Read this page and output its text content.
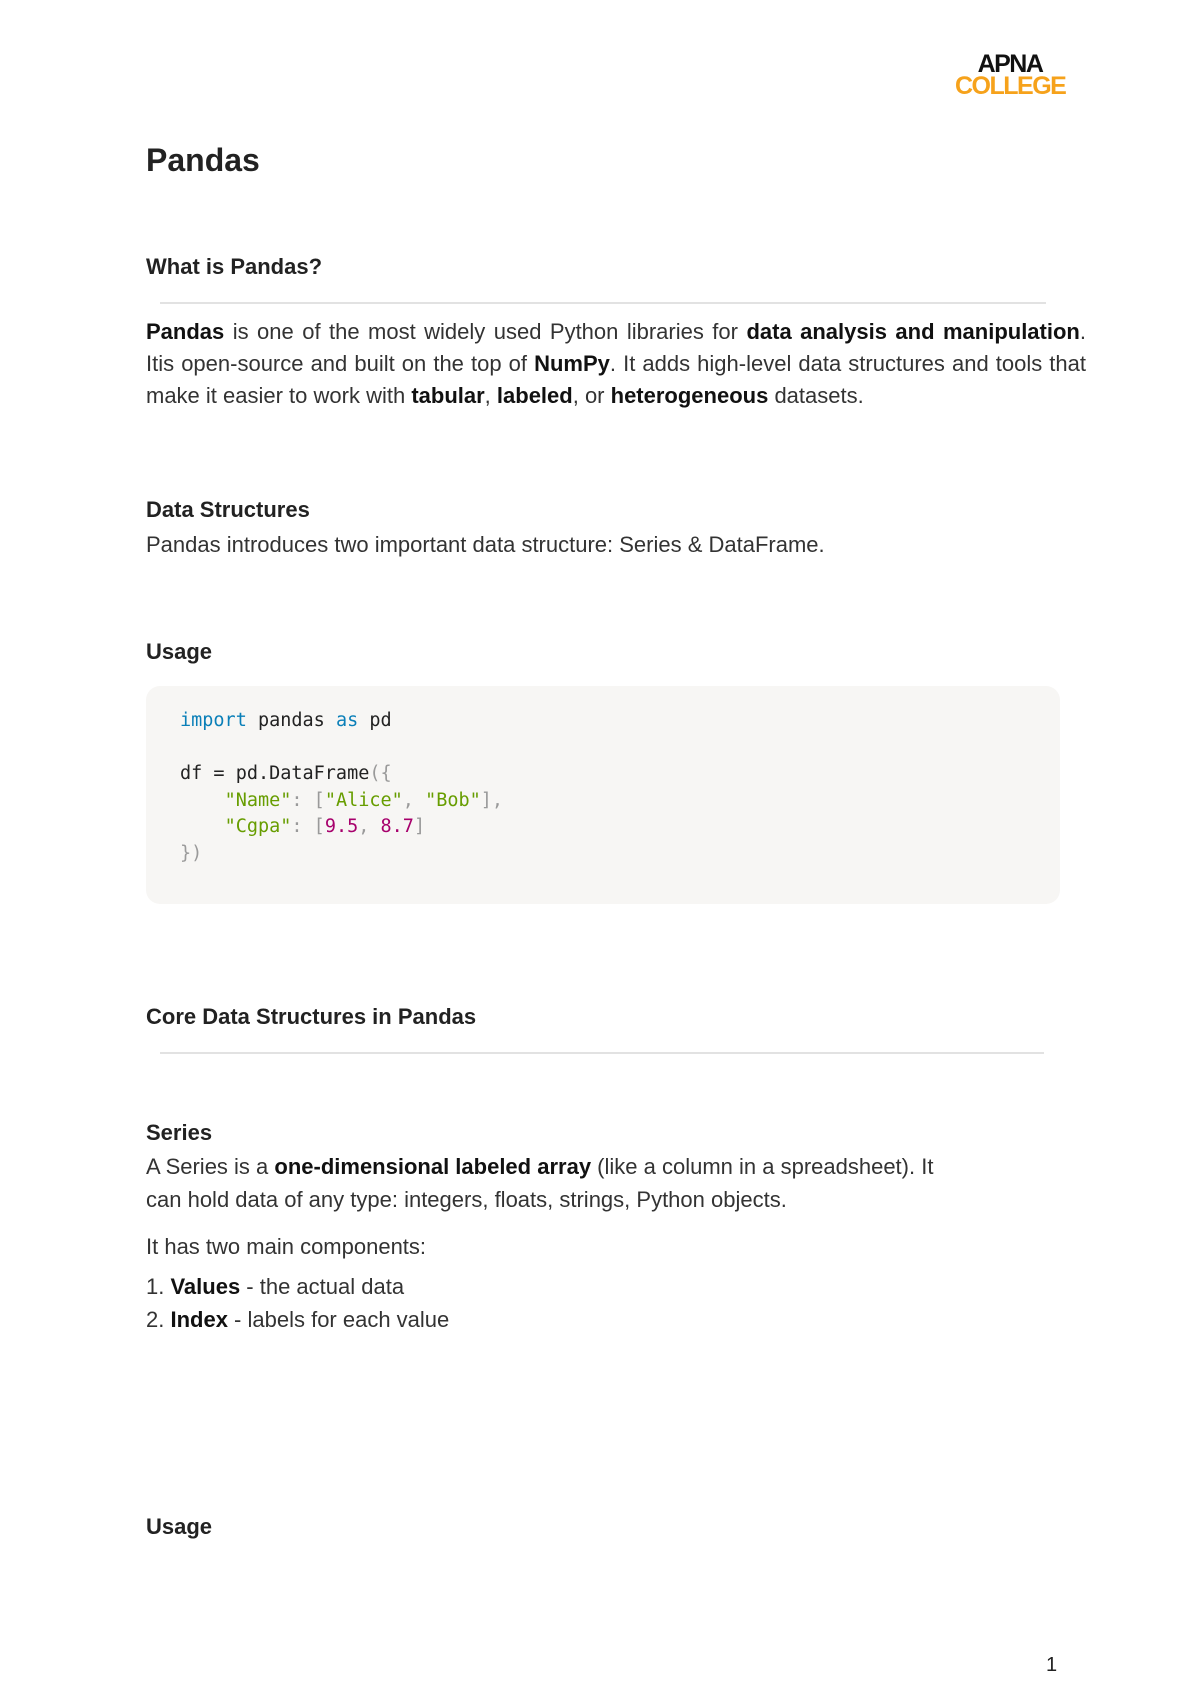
APNA
COLLEGE
Pandas
What is Pandas?
Pandas is one of the most widely used Python libraries for data analysis and manipulation. Itis open-source and built on the top of NumPy. It adds high-level data structures and tools that make it easier to work with tabular, labeled, or heterogeneous datasets.
Data Structures
Pandas introduces two important data structure: Series & DataFrame.
Usage
import pandas as pd

df = pd.DataFrame({
"Name": ["Alice", "Bob"],
"Cgpa": [9.5, 8.7]
})
Core Data Structures in Pandas
Series
A Series is a one-dimensional labeled array (like a column in a spreadsheet). It
can hold data of any type: integers, floats, strings, Python objects.
It has two main components:
1. Values - the actual data
2. Index - labels for each value
Usage
1
